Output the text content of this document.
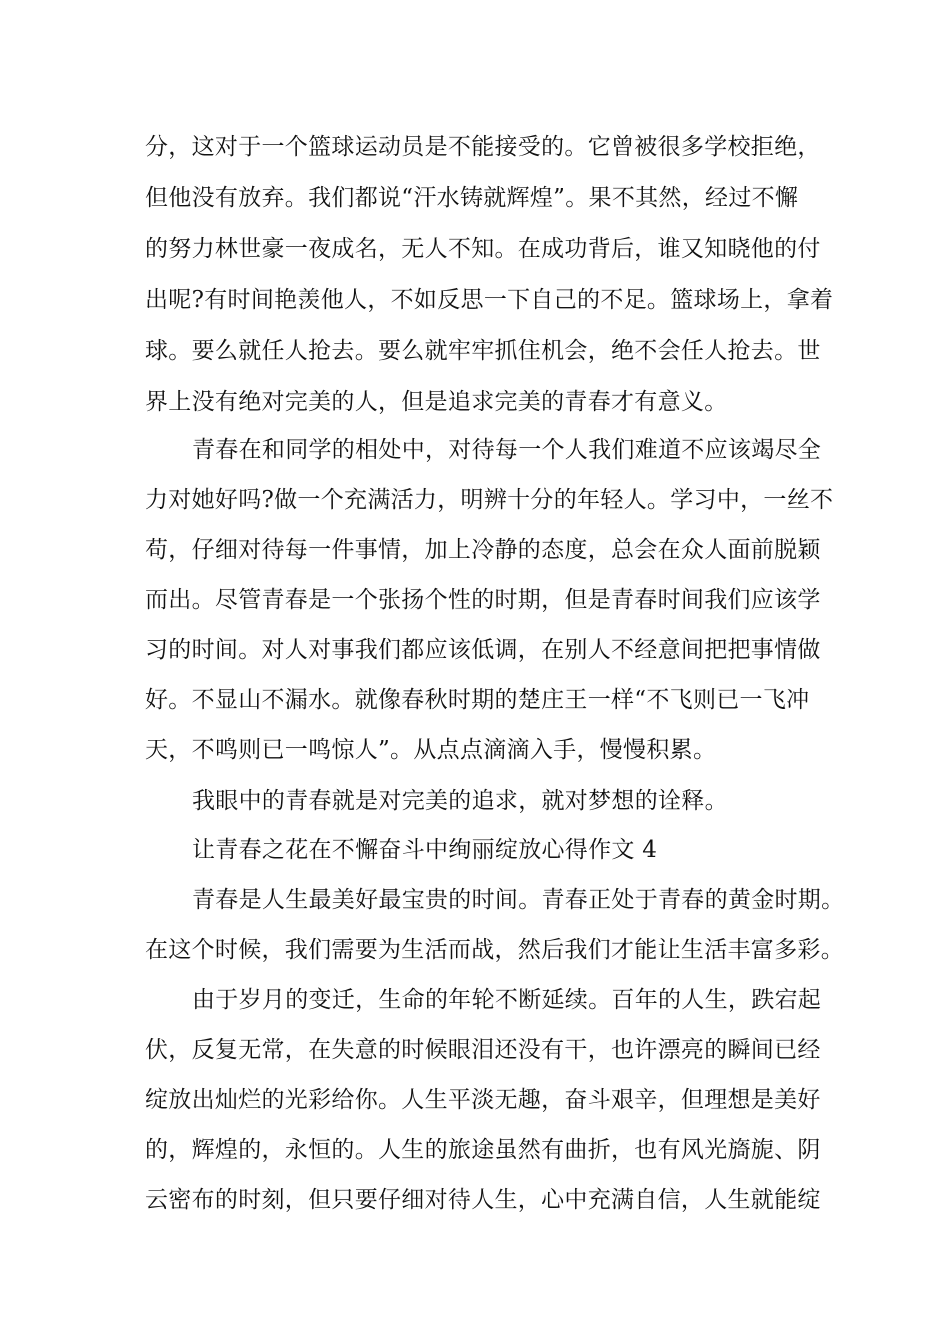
分，这对于一个篮球运动员是不能接受的。它曾被很多学校拒绝，
但他没有放弃。我们都说“汗水铸就辉煌”。果不其然，经过不懈
的努力林世豪一夜成名，无人不知。在成功背后，谁又知晓他的付
出呢?有时间艳羡他人，不如反思一下自己的不足。篮球场上，拿着
球。要么就任人抢去。要么就牢牢抓住机会，绝不会任人抢去。世
界上没有绝对完美的人，但是追求完美的青春才有意义。
青春在和同学的相处中，对待每一个人我们难道不应该竭尽全
力对她好吗?做一个充满活力，明辨十分的年轻人。学习中，一丝不
苟，仔细对待每一件事情，加上冷静的态度，总会在众人面前脱颖
而出。尽管青春是一个张扬个性的时期，但是青春时间我们应该学
习的时间。对人对事我们都应该低调，在别人不经意间把把事情做
好。不显山不漏水。就像春秋时期的楚庄王一样“不飞则已一飞冲
天，不鸣则已一鸣惊人”。从点点滴滴入手，慢慢积累。
我眼中的青春就是对完美的追求，就对梦想的诠释。
让青春之花在不懈奋斗中绚丽绽放心得作文 4
青春是人生最美好最宝贵的时间。青春正处于青春的黄金时期。
在这个时候，我们需要为生活而战，然后我们才能让生活丰富多彩。
由于岁月的变迁，生命的年轮不断延续。百年的人生，跌宕起
伏，反复无常，在失意的时候眼泪还没有干，也许漂亮的瞬间已经
绽放出灿烂的光彩给你。人生平淡无趣，奋斗艰辛，但理想是美好
的，辉煌的，永恒的。人生的旅途虽然有曲折，也有风光旖旎、阴
云密布的时刻，但只要仔细对待人生，心中充满自信，人生就能绽
